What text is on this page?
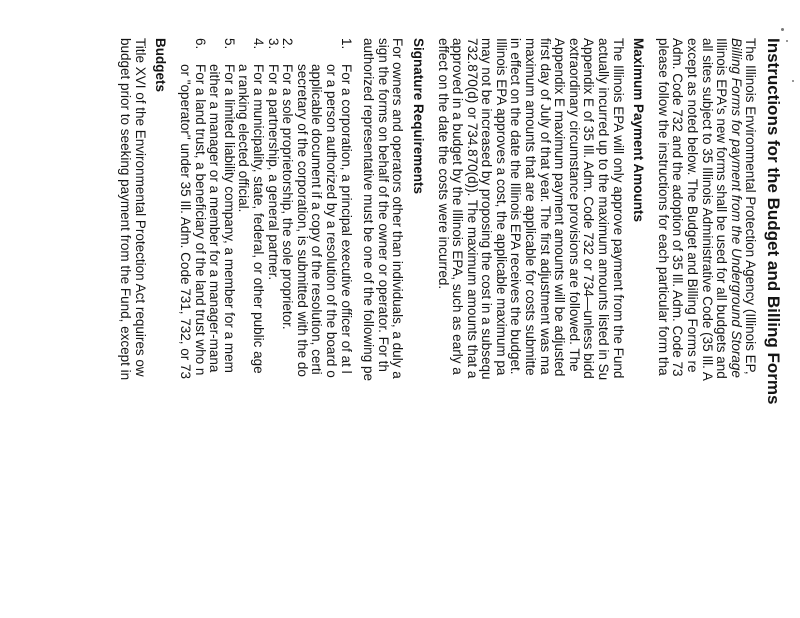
Instructions for the Budget and Billing Forms
The Illinois Environmental Protection Agency (Illinois EP,
Billing Forms for payment from the Underground Storage
Illinois EPA's new forms shall be used for all budgets and
all sites subject to 35 Illinois Administrative Code (35 Ill. A
except as noted below. The Budget and Billing Forms re
Adm. Code 732 and the adoption of 35 Ill. Adm. Code 73
please follow the instructions for each particular form tha
Maximum Payment Amounts
The Illinois EPA will only approve payment from the Fund
actually incurred up to the maximum amounts listed in Su
Appendix E of 35 Ill. Adm. Code 732 or 734—unless bidd
extraordinary circumstance provisions are followed. The
Appendix E maximum payment amounts will be adjusted
first day of July of that year. The first adjustment was ma
maximum amounts that are applicable for costs submitte
in effect on the date the Illinois EPA receives the budget.
Illinois EPA approves a cost, the applicable maximum pa
may not be increased by proposing the cost in a subsequ
732.870(d) or 734.870(d)). The maximum amounts that a
approved in a budget by the Illinois EPA, such as early a
effect on the date the costs were incurred.
Signature Requirements
For owners and operators other than individuals, a duly a
sign the forms on behalf of the owner or operator. For th
authorized representative must be one of the following pe
1.
For a corporation, a principal executive officer of at l
or a person authorized by a resolution of the board o
applicable document if a copy of the resolution, certi
secretary of the corporation, is submitted with the do
2.
For a sole proprietorship, the sole proprietor.
3.
For a partnership, a general partner.
4.
For a municipality, state, federal, or other public age
a ranking elected official.
5.
For a limited liability company, a member for a mem
either a manager or a member for a manager-mana
6.
For a land trust, a beneficiary of the land trust who n
or "operator" under 35 Ill. Adm. Code 731, 732, or 73
Budgets
Title XVI of the Environmental Protection Act requires ow
budget prior to seeking payment from the Fund, except in
